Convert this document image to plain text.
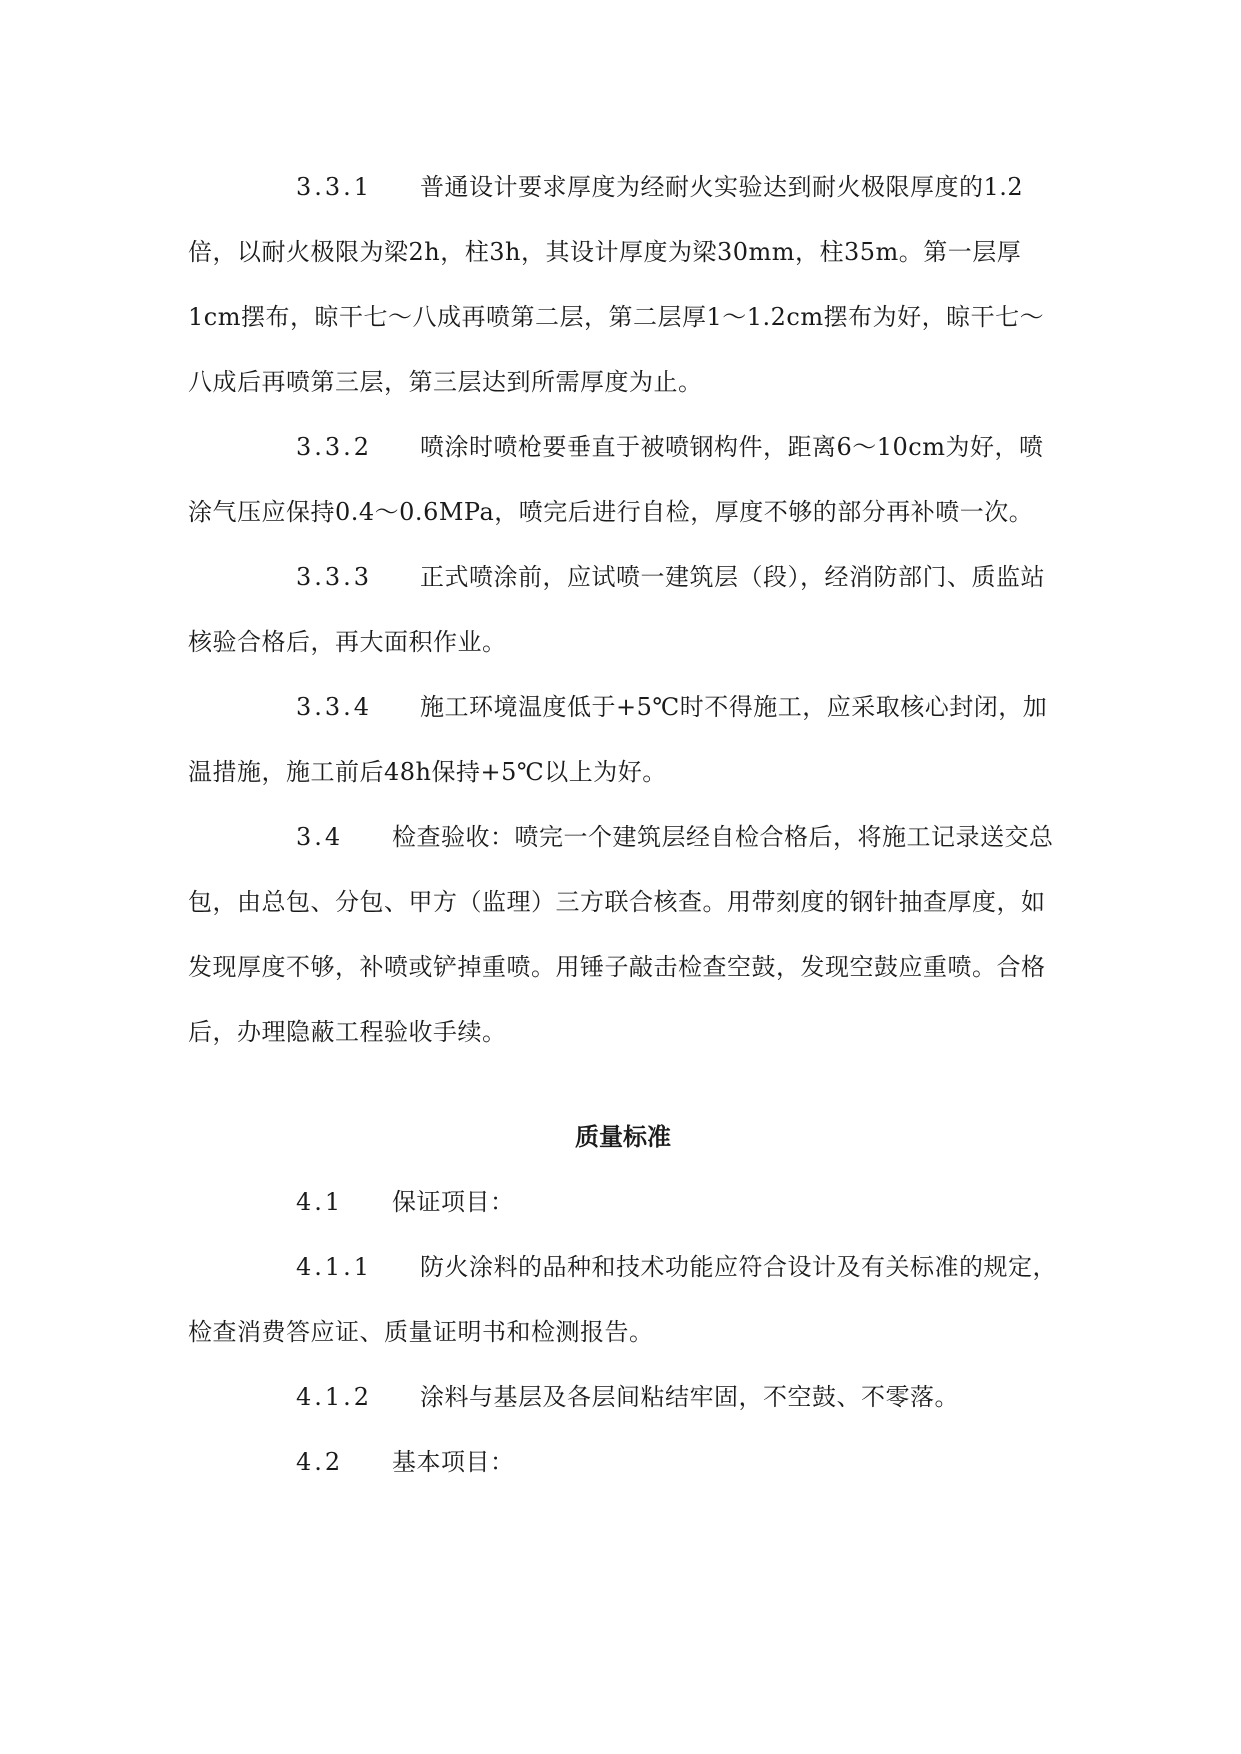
3.3.1 普通设计要求厚度为经耐火实验达到耐火极限厚度的1.2倍，以耐火极限为梁2h，柱3h，其设计厚度为梁30mm，柱35m。第一层厚1cm摆布，晾干七～八成再喷第二层，第二层厚1～1.2cm摆布为好，晾干七～八成后再喷第三层，第三层达到所需厚度为止。

3.3.2 喷涂时喷枪要垂直于被喷钢构件，距离6～10cm为好，喷涂气压应保持0.4～0.6MPa，喷完后进行自检，厚度不够的部分再补喷一次。

3.3.3 正式喷涂前，应试喷一建筑层（段），经消防部门、质监站核验合格后，再大面积作业。

3.3.4 施工环境温度低于+5℃时不得施工，应采取核心封闭，加温措施，施工前后48h保持+5℃以上为好。

3.4 检查验收：喷完一个建筑层经自检合格后，将施工记录送交总包，由总包、分包、甲方（监理）三方联合核查。用带刻度的钢针抽查厚度，如发现厚度不够，补喷或铲掉重喷。用锤子敲击检查空鼓，发现空鼓应重喷。合格后，办理隐蔽工程验收手续。

质量标准

4.1 保证项目：

4.1.1 防火涂料的品种和技术功能应符合设计及有关标准的规定，检查消费答应证、质量证明书和检测报告。

4.1.2 涂料与基层及各层间粘结牢固，不空鼓、不零落。

4.2 基本项目：
